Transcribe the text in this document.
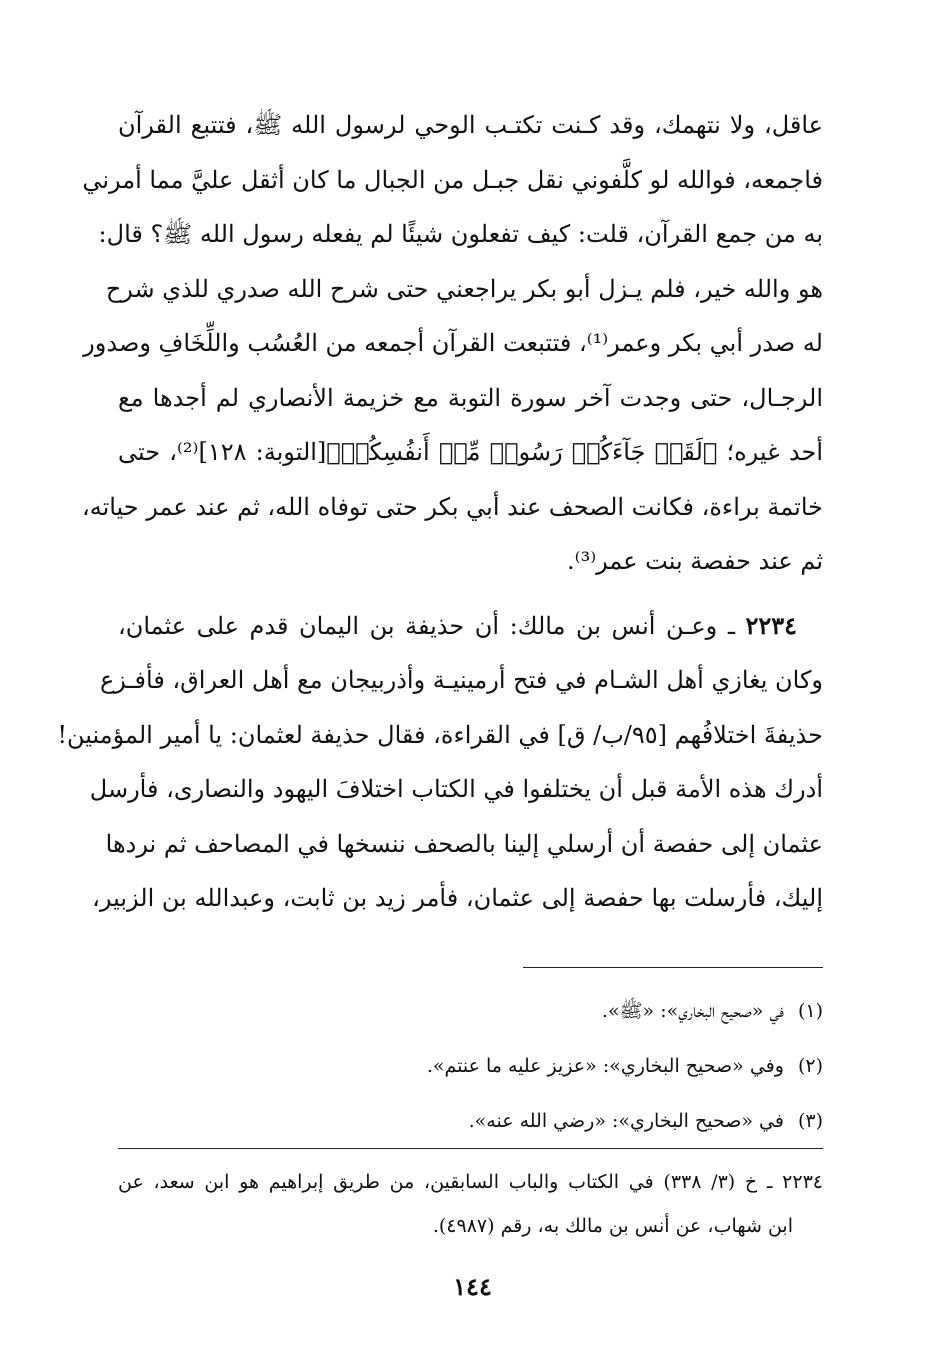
عاقل، ولا نتهمك، وقد كـنت تكتـب الوحي لرسول الله ﷺ، فتتبع القرآن
فاجمعه، فوالله لو كلَّفوني نقل جبـل من الجبال ما كان أثقل عليَّ مما أمرني
به من جمع القرآن، قلت: كيف تفعلون شيئًا لم يفعله رسول الله ﷺ؟ قال:
هو والله خير، فلم يـزل أبو بكر يراجعني حتى شرح الله صدري للذي شرح
له صدر أبي بكر وعمر⁽¹⁾، فتتبعت القرآن أجمعه من العُسُب واللِّخَافِ وصدور
الرجـال، حتى وجدت آخر سورة التوبة مع خزيمة الأنصاري لم أجدها مع
أحد غيره؛ ﴿لَقَدۡ جَآءَكُمۡ رَسُولٞ مِّنۡ أَنفُسِكُمۡ﴾[التوبة: ١٢٨]⁽²⁾، حتى
خاتمة براءة، فكانت الصحف عند أبي بكر حتى توفاه الله، ثم عند عمر حياته،
ثم عند حفصة بنت عمر⁽³⁾.
٢٢٣٤ ـ وعـن أنس بن مالك: أن حذيفة بن اليمان قدم على عثمان،
وكان يغازي أهل الشـام في فتح أرمينيـة وأذربيجان مع أهل العراق، فأفـزع
حذيفةَ اختلافُهم [٩٥/ب/ ق] في القراءة، فقال حذيفة لعثمان: يا أمير المؤمنين!
أدرك هذه الأمة قبل أن يختلفوا في الكتاب اختلافَ اليهود والنصارى، فأرسل
عثمان إلى حفصة أن أرسلي إلينا بالصحف ننسخها في المصاحف ثم نردها
إليك، فأرسلت بها حفصة إلى عثمان، فأمر زيد بن ثابت، وعبدالله بن الزبير،
(١)في «صحيح البخاري»: «ﷺ».
(٢)وفي «صحيح البخاري»: «عزيز عليه ما عنتم».
(٣)في «صحيح البخاري»: «رضي الله عنه».
٢٢٣٤ ـ خ (٣/ ٣٣٨) في الكتاب والباب السابقين، من طريق إبراهيم هو ابن سعد، عن
ابن شهاب، عن أنس بن مالك به، رقم (٤٩٨٧).
١٤٤
